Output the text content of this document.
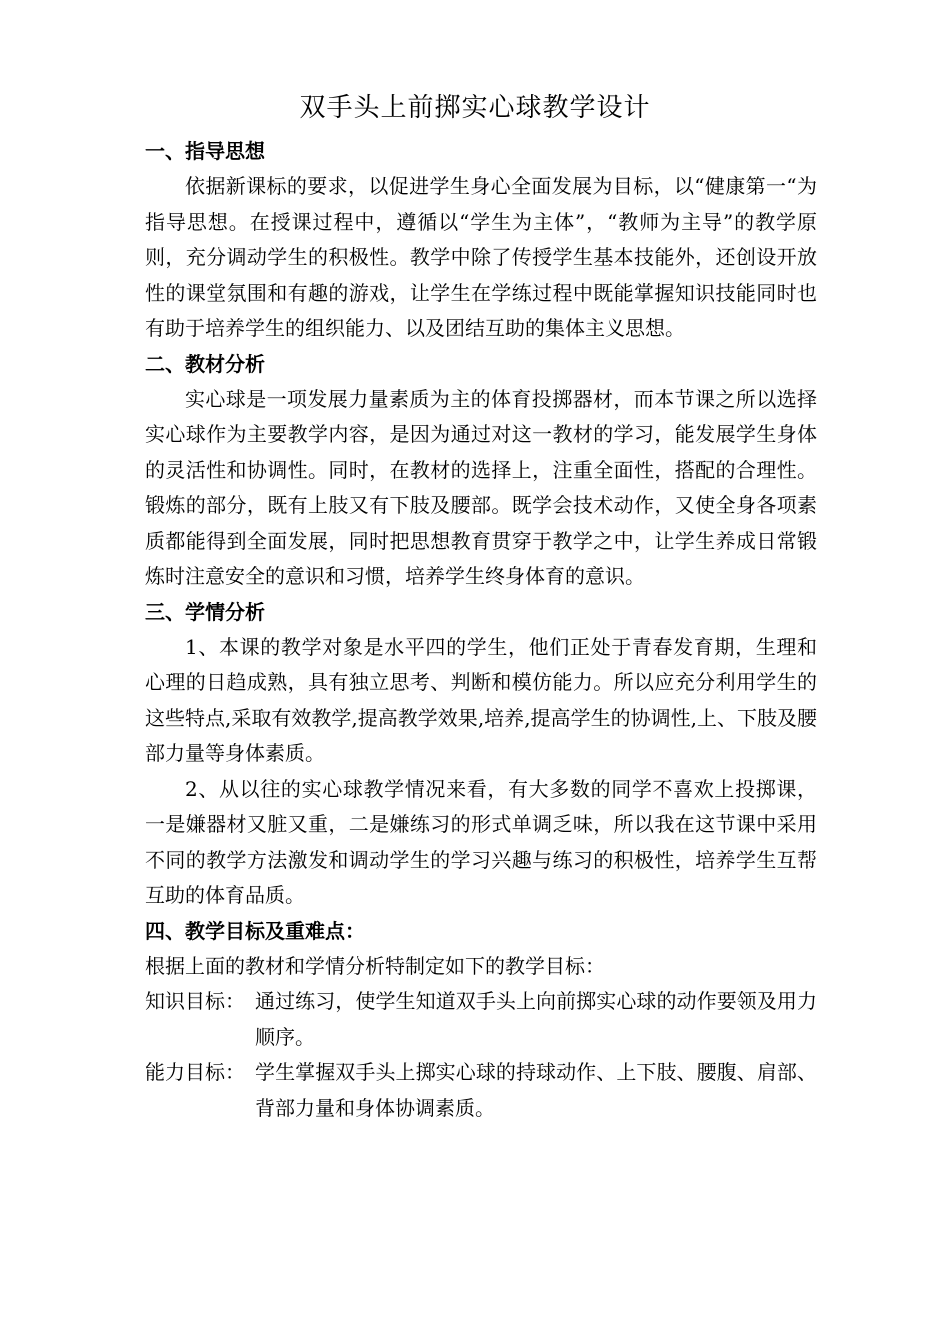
双手头上前掷实心球教学设计
一、指导思想

依据新课标的要求，以促进学生身心全面发展为目标，以“健康第一“为指导思想。在授课过程中，遵循以“学生为主体”，“教师为主导”的教学原则，充分调动学生的积极性。教学中除了传授学生基本技能外，还创设开放性的课堂氛围和有趣的游戏，让学生在学练过程中既能掌握知识技能同时也有助于培养学生的组织能力、以及团结互助的集体主义思想。

二、教材分析

实心球是一项发展力量素质为主的体育投掷器材，而本节课之所以选择实心球作为主要教学内容，是因为通过对这一教材的学习，能发展学生身体的灵活性和协调性。同时，在教材的选择上，注重全面性，搭配的合理性。锻炼的部分，既有上肢又有下肢及腰部。既学会技术动作，又使全身各项素质都能得到全面发展，同时把思想教育贯穿于教学之中，让学生养成日常锻炼时注意安全的意识和习惯，培养学生终身体育的意识。

三、学情分析

1、本课的教学对象是水平四的学生，他们正处于青春发育期，生理和心理的日趋成熟，具有独立思考、判断和模仿能力。所以应充分利用学生的这些特点,采取有效教学,提高教学效果,培养,提高学生的协调性,上、下肢及腰部力量等身体素质。

2、从以往的实心球教学情况来看，有大多数的同学不喜欢上投掷课，一是嫌器材又脏又重，二是嫌练习的形式单调乏味，所以我在这节课中采用不同的教学方法激发和调动学生的学习兴趣与练习的积极性，培养学生互帮互助的体育品质。

四、教学目标及重难点：

根据上面的教材和学情分析特制定如下的教学目标：

知识目标： 通过练习，使学生知道双手头上向前掷实心球的动作要领及用力顺序。
能力目标： 学生掌握双手头上掷实心球的持球动作、上下肢、腰腹、肩部、背部力量和身体协调素质。
